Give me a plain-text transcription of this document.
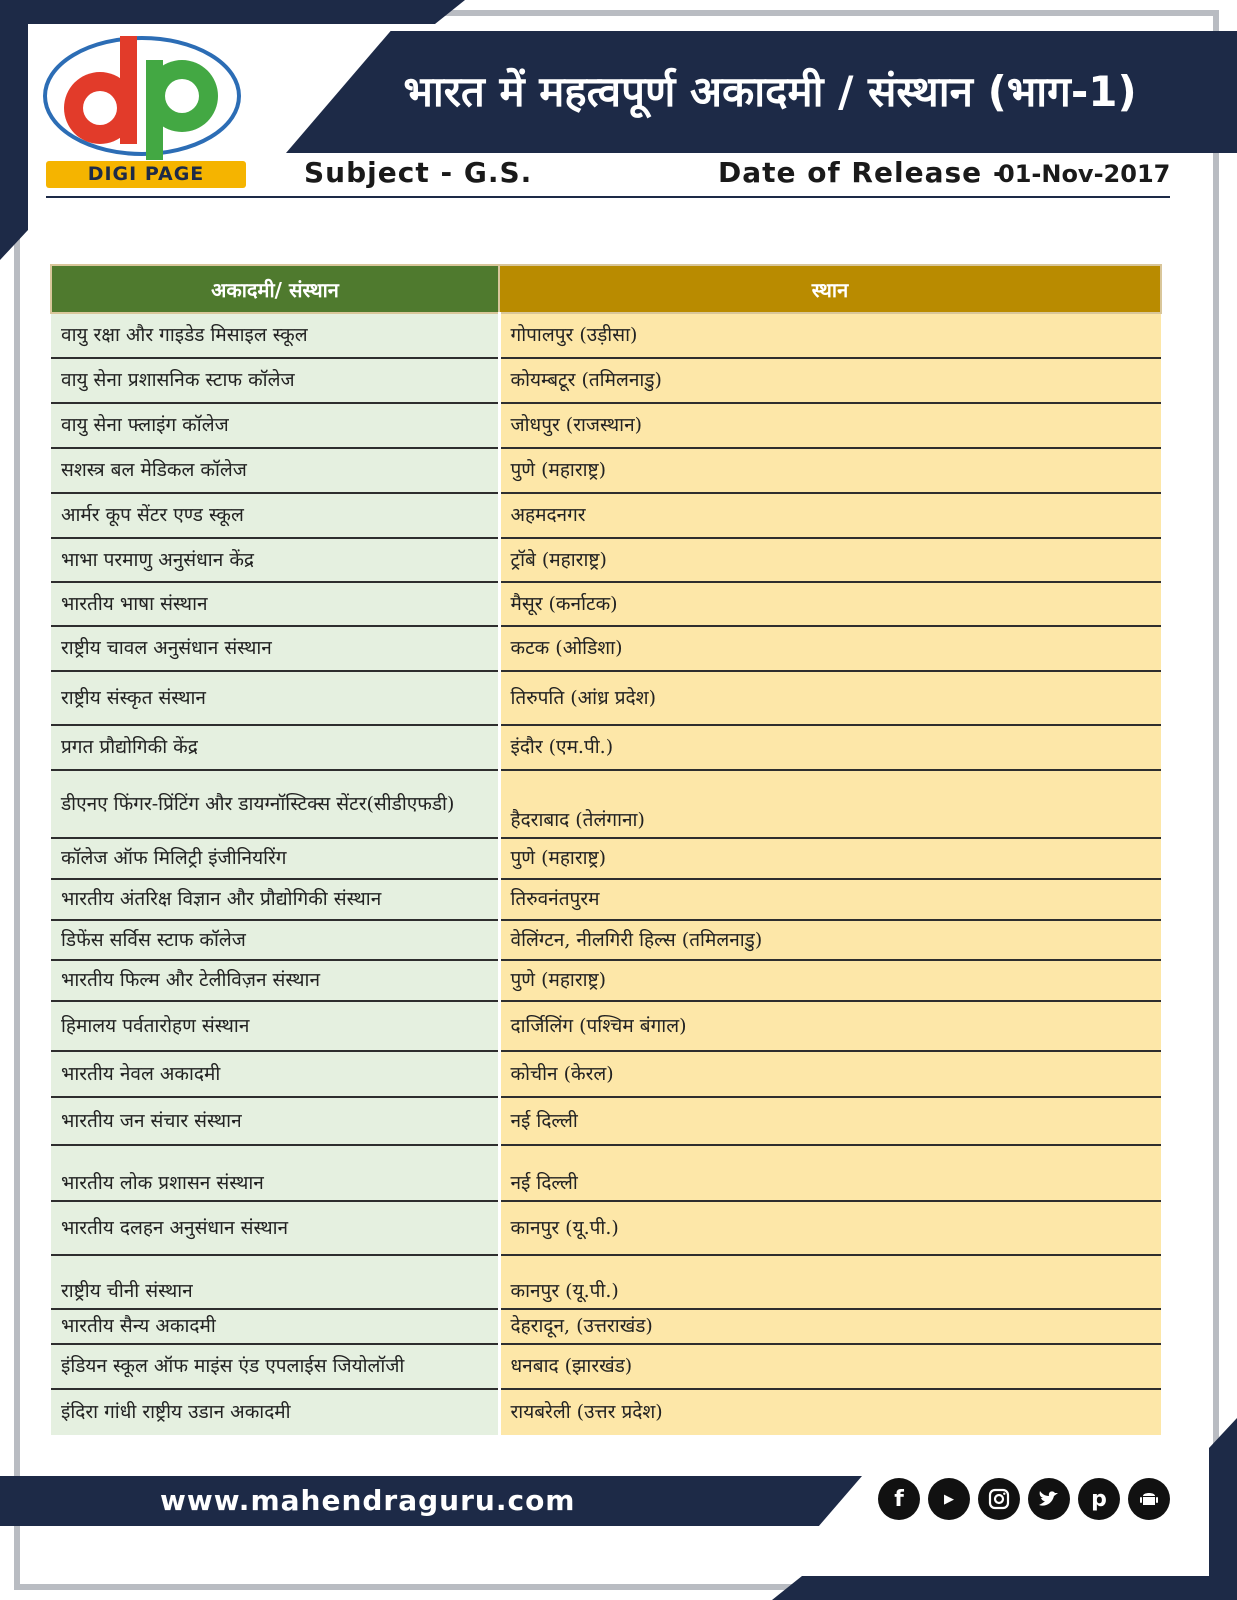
DIGI PAGE
भारत में महत्वपूर्ण अकादमी / संस्थान (भाग-1)
Subject - G.S.	Date of Release -
01-Nov-2017
अकादमी/ संस्थान	स्थान
वायु रक्षा और गाइडेड मिसाइल स्कूल	गोपालपुर (उड़ीसा)
वायु सेना प्रशासनिक स्टाफ कॉलेज	कोयम्बटूर (तमिलनाडु)
वायु सेना फ्लाइंग कॉलेज	जोधपुर (राजस्थान)
सशस्त्र बल मेडिकल कॉलेज	पुणे (महाराष्ट्र)
आर्मर कूप सेंटर एण्ड स्कूल	अहमदनगर
भाभा परमाणु अनुसंधान केंद्र	ट्रॉबे (महाराष्ट्र)
भारतीय भाषा संस्थान	मैसूर (कर्नाटक)
राष्ट्रीय चावल अनुसंधान संस्थान	कटक (ओडिशा)
राष्ट्रीय संस्कृत संस्थान	तिरुपति (आंध्र प्रदेश)
प्रगत प्रौद्योगिकी केंद्र	इंदौर (एम.पी.)
डीएनए फिंगर-प्रिंटिंग और डायग्नॉस्टिक्स सेंटर(सीडीएफडी)	हैदराबाद (तेलंगाना)
कॉलेज ऑफ मिलिट्री इंजीनियरिंग	पुणे (महाराष्ट्र)
भारतीय अंतरिक्ष विज्ञान और प्रौद्योगिकी संस्थान	तिरुवनंतपुरम
डिफेंस सर्विस स्टाफ कॉलेज	वेलिंग्टन, नीलगिरी हिल्स (तमिलनाडु)
भारतीय फिल्म और टेलीविज़न संस्थान	पुणे (महाराष्ट्र)
हिमालय पर्वतारोहण संस्थान	दार्जिलिंग (पश्चिम बंगाल)
भारतीय नेवल अकादमी	कोचीन (केरल)
भारतीय जन संचार संस्थान	नई दिल्ली
भारतीय लोक प्रशासन संस्थान	नई दिल्ली
भारतीय दलहन अनुसंधान संस्थान	कानपुर (यू.पी.)
राष्ट्रीय चीनी संस्थान	कानपुर (यू.पी.)
भारतीय सैन्य अकादमी	देहरादून, (उत्तराखंड)
इंडियन स्कूल ऑफ माइंस एंड एपलाईस जियोलॉजी	धनबाद (झारखंड)
इंदिरा गांधी राष्ट्रीय उडान अकादमी	रायबरेली (उत्तर प्रदेश)
www.mahendraguru.com	f	▶	p
